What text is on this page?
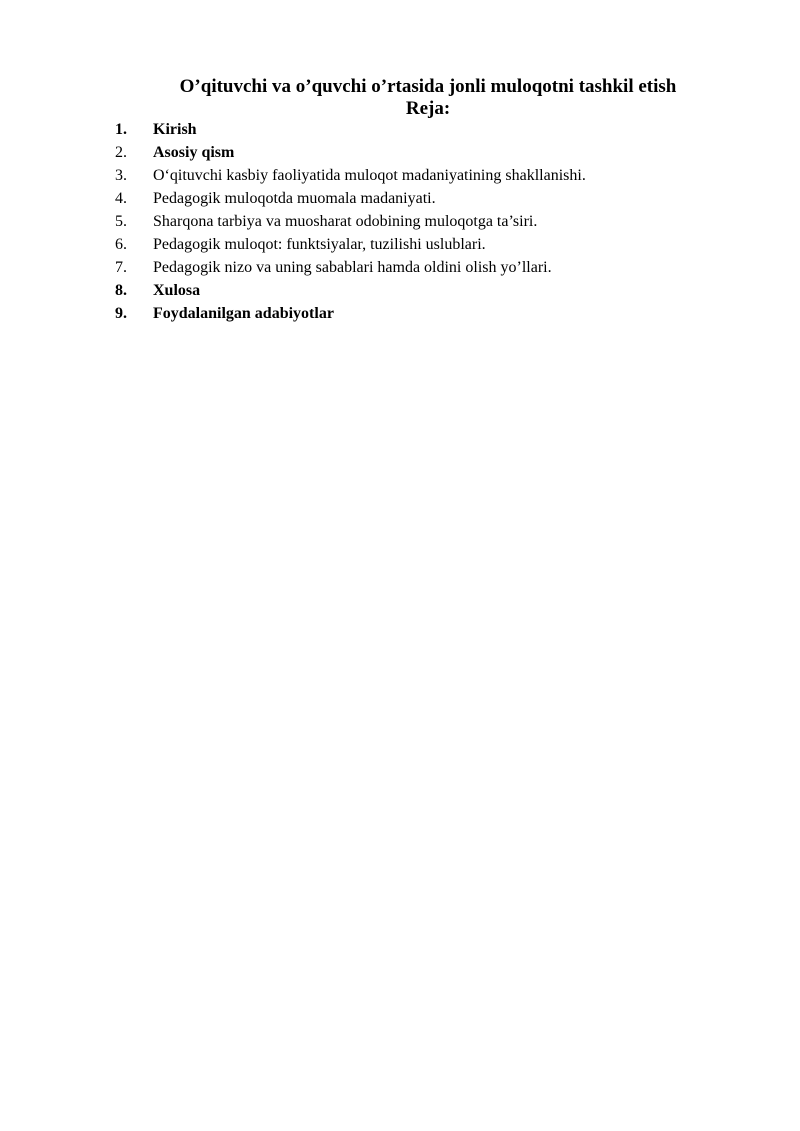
O’qituvchi va o’quvchi o’rtasida jonli muloqotni tashkil etish
Reja:
1.	Kirish
2.	Asosiy qism
3.	O‘qituvchi kasbiy faoliyatida muloqot madaniyatining shakllanishi.
4.	Pedagogik muloqotda muomala madaniyati.
5.	Sharqona tarbiya va muosharat odobining muloqotga ta’siri.
6.	Pedagogik muloqot: funktsiyalar, tuzilishi uslublari.
7.	Pedagogik nizo va uning sabablari hamda oldini olish yo’llari.
8.	Xulosa
9.	Foydalanilgan adabiyotlar
